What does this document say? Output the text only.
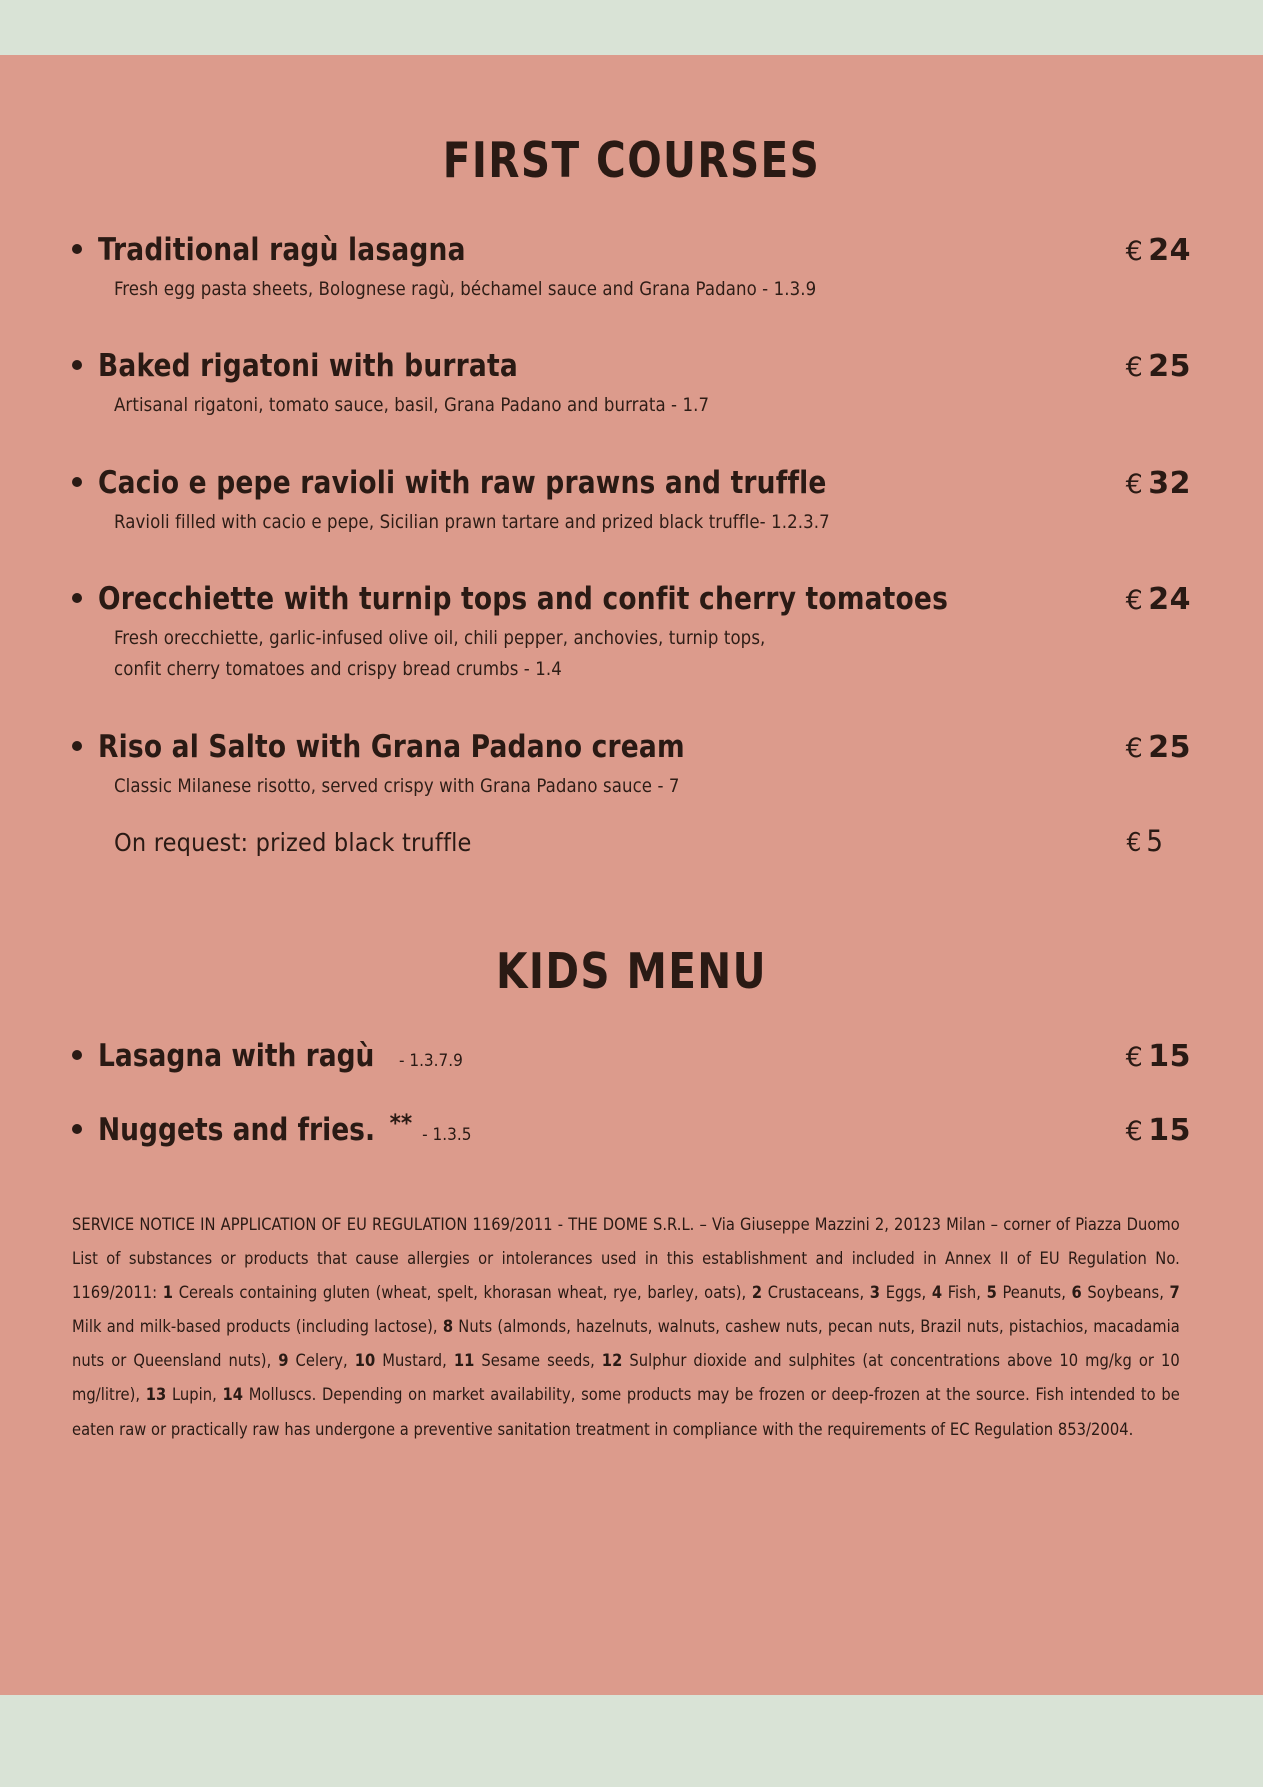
FIRST COURSES
Traditional ragù lasagna	€ 24
Fresh egg pasta sheets, Bolognese ragù, béchamel sauce and Grana Padano - 1.3.9
Baked rigatoni with burrata	€ 25
Artisanal rigatoni, tomato sauce, basil, Grana Padano and burrata - 1.7
Cacio e pepe ravioli with raw prawns and truffle	€ 32
Ravioli filled with cacio e pepe, Sicilian prawn tartare and prized black truffle- 1.2.3.7
Orecchiette with turnip tops and confit cherry tomatoes	€ 24
Fresh orecchiette, garlic-infused olive oil, chili pepper, anchovies, turnip tops,
confit cherry tomatoes and crispy bread crumbs - 1.4
Riso al Salto with Grana Padano cream	€ 25
Classic Milanese risotto, served crispy with Grana Padano sauce - 7
On request: prized black truffle	€ 5
KIDS MENU
Lasagna with ragù - 1.3.7.9	€ 15
Nuggets and fries. ** - 1.3.5	€ 15

SERVICE NOTICE IN APPLICATION OF EU REGULATION 1169/2011 - THE DOME S.R.L. – Via Giuseppe Mazzini 2, 20123 Milan – corner of Piazza Duomo List of substances or products that cause allergies or intolerances used in this establishment and included in Annex II of EU Regulation No. 1169/2011: 1 Cereals containing gluten (wheat, spelt, khorasan wheat, rye, barley, oats), 2 Crustaceans, 3 Eggs, 4 Fish, 5 Peanuts, 6 Soybeans, 7 Milk and milk-based products (including lactose), 8 Nuts (almonds, hazelnuts, walnuts, cashew nuts, pecan nuts, Brazil nuts, pistachios, macadamia nuts or Queensland nuts), 9 Celery, 10 Mustard, 11 Sesame seeds, 12 Sulphur dioxide and sulphites (at concentrations above 10 mg/kg or 10 mg/litre), 13 Lupin, 14 Molluscs. Depending on market availability, some products may be frozen or deep-frozen at the source. Fish intended to be eaten raw or practically raw has undergone a preventive sanitation treatment in compliance with the requirements of EC Regulation 853/2004.
